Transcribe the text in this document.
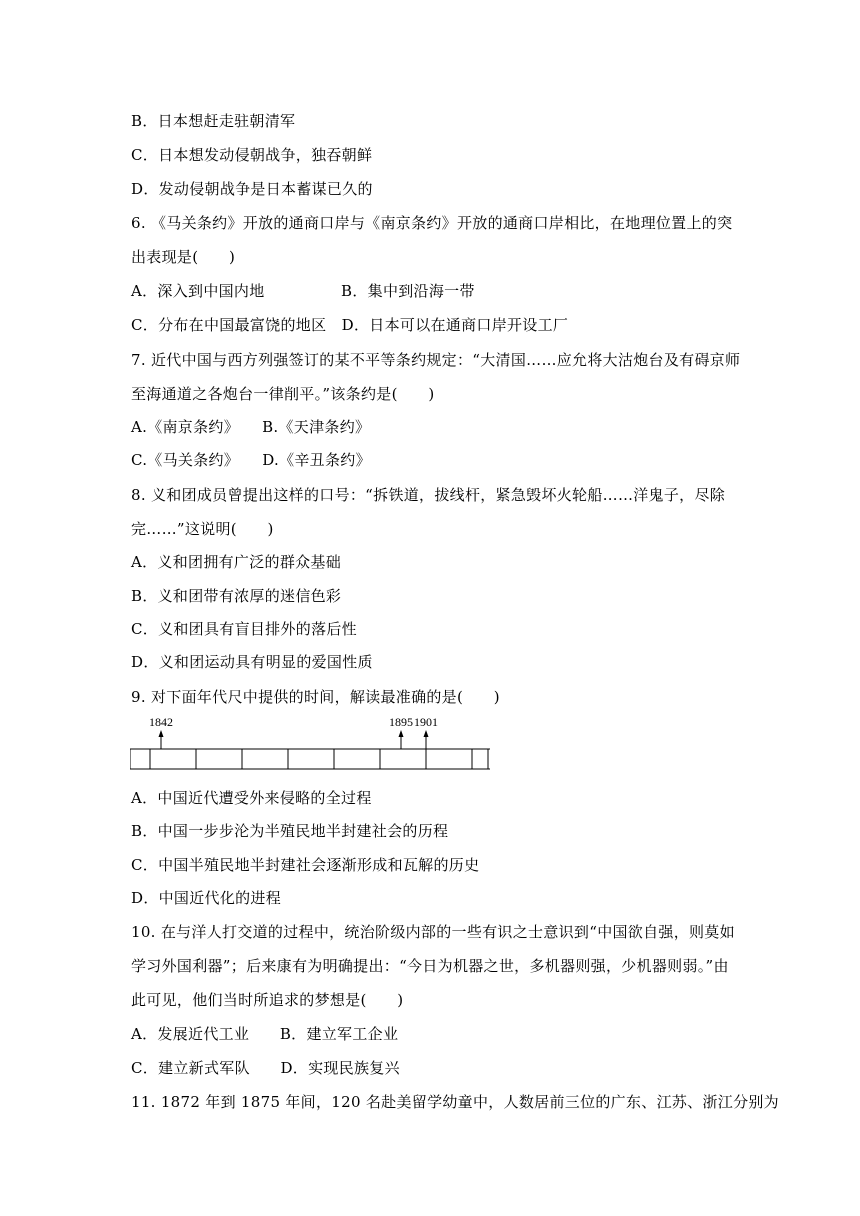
B．日本想赶走驻朝清军
C．日本想发动侵朝战争，独吞朝鲜
D．发动侵朝战争是日本蓄谋已久的
6. 《马关条约》开放的通商口岸与《南京条约》开放的通商口岸相比，在地理位置上的突
出表现是(　　)
A．深入到中国内地　　　　　B．集中到沿海一带
C．分布在中国最富饶的地区　D．日本可以在通商口岸开设工厂
7. 近代中国与西方列强签订的某不平等条约规定：“大清国……应允将大沽炮台及有碍京师
至海通道之各炮台一律削平。”该条约是(　　)
A.《南京条约》　　B.《天津条约》
C.《马关条约》　　D.《辛丑条约》
8. 义和团成员曾提出这样的口号：“拆铁道，拔线杆，紧急毁坏火轮船……洋鬼子，尽除
完……”这说明(　　)
A．义和团拥有广泛的群众基础
B．义和团带有浓厚的迷信色彩
C．义和团具有盲目排外的落后性
D．义和团运动具有明显的爱国性质
9. 对下面年代尺中提供的时间，解读最准确的是(　　)
1842	1895 1901
A．中国近代遭受外来侵略的全过程
B．中国一步步沦为半殖民地半封建社会的历程
C．中国半殖民地半封建社会逐渐形成和瓦解的历史
D．中国近代化的进程
10. 在与洋人打交道的过程中，统治阶级内部的一些有识之士意识到“中国欲自强，则莫如
学习外国利器”；后来康有为明确提出：“今日为机器之世，多机器则强，少机器则弱。”由
此可见，他们当时所追求的梦想是(　　)
A．发展近代工业　　B．建立军工企业
C．建立新式军队　　D．实现民族复兴
11. 1872 年到 1875 年间，120 名赴美留学幼童中，人数居前三位的广东、江苏、浙江分别为
